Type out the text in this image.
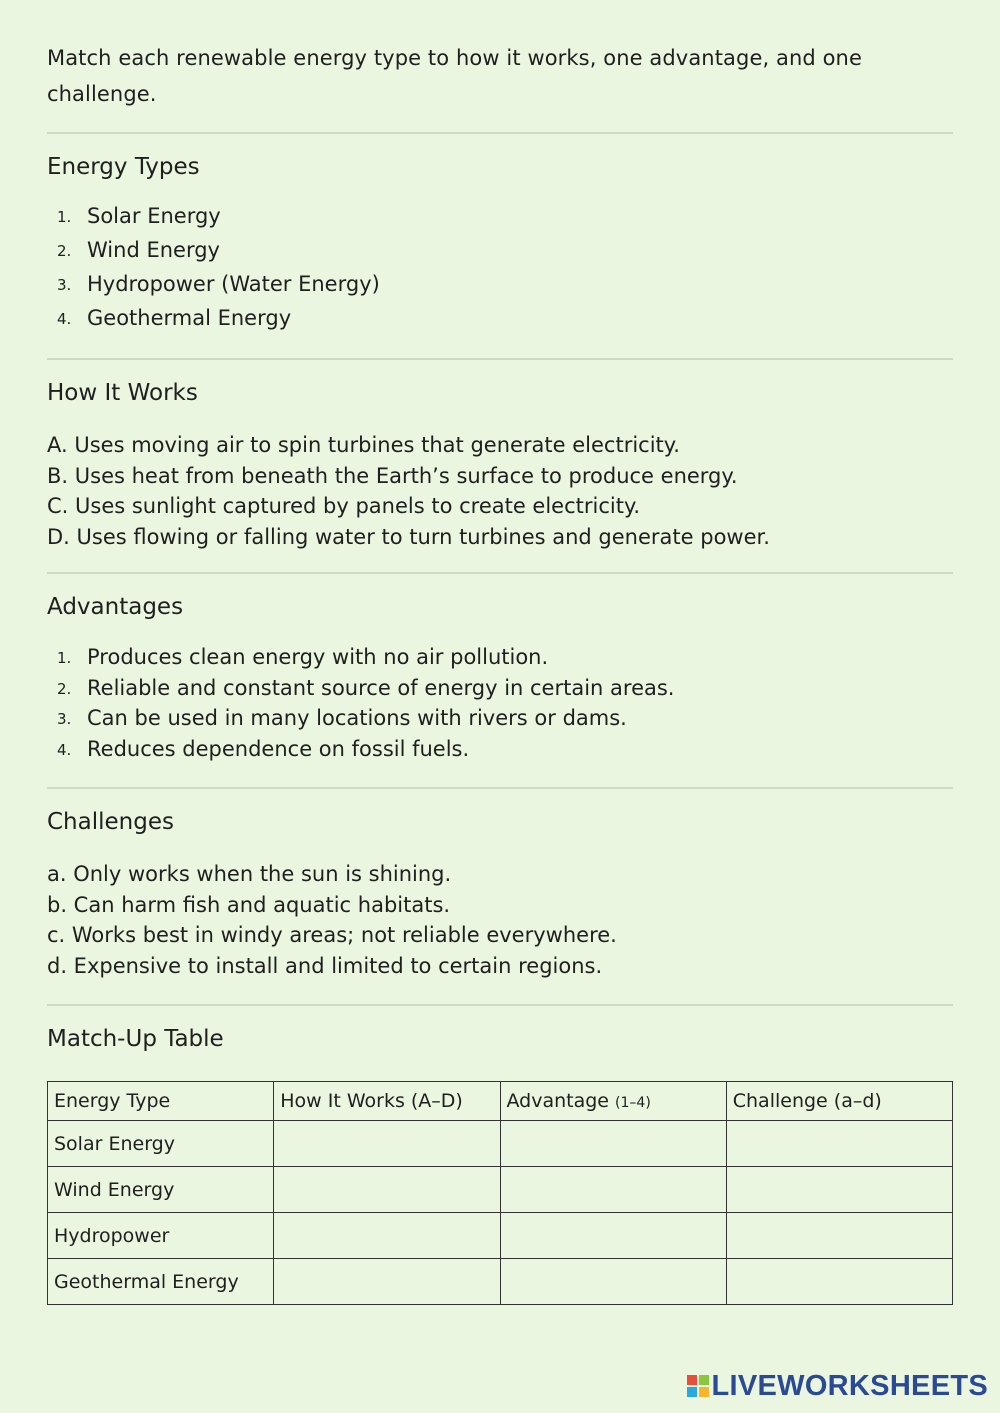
Match each renewable energy type to how it works, one advantage, and one challenge.

Energy Types
1. Solar Energy
2. Wind Energy
3. Hydropower (Water Energy)
4. Geothermal Energy
How It Works
A. Uses moving air to spin turbines that generate electricity.
B. Uses heat from beneath the Earth’s surface to produce energy.
C. Uses sunlight captured by panels to create electricity.
D. Uses flowing or falling water to turn turbines and generate power.
Advantages
1. Produces clean energy with no air pollution.
2. Reliable and constant source of energy in certain areas.
3. Can be used in many locations with rivers or dams.
4. Reduces dependence on fossil fuels.
Challenges
a. Only works when the sun is shining.
b. Can harm fish and aquatic habitats.
c. Works best in windy areas; not reliable everywhere.
d. Expensive to install and limited to certain regions.
Match-Up Table
Energy Type	How It Works (A–D)	Advantage (1–4)	Challenge (a–d)
Solar Energy			
Wind Energy			
Hydropower			
Geothermal Energy			
LIVEWORKSHEETS
